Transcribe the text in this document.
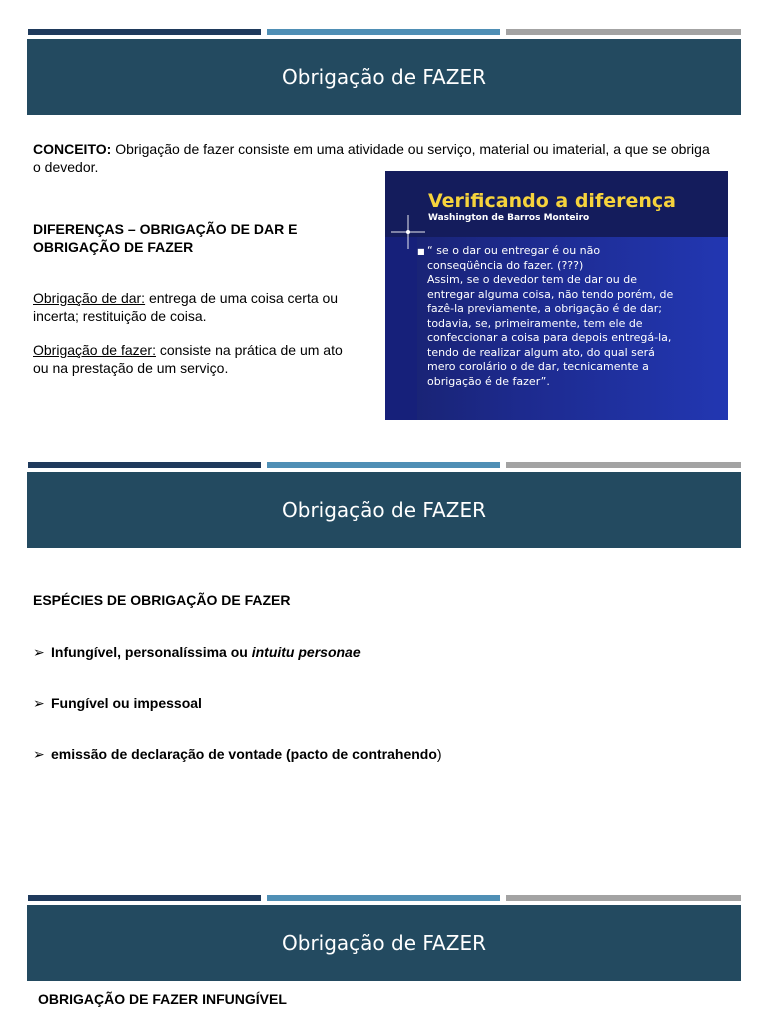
Obrigação de FAZER
CONCEITO: Obrigação de fazer consiste em uma atividade ou serviço, material ou imaterial, a que se obriga
o devedor.
DIFERENÇAS – OBRIGAÇÃO DE DAR E
OBRIGAÇÃO DE FAZER
Obrigação de dar: entrega de uma coisa certa ou
incerta; restituição de coisa.
Obrigação de fazer: consiste na prática de um ato
ou na prestação de um serviço.
Verificando a diferença
Washington de Barros Monteiro
■ “ se o dar ou entregar é ou não
conseqüência do fazer. (???)
Assim, se o devedor tem de dar ou de
entregar alguma coisa, não tendo porém, de
fazê-la previamente, a obrigação é de dar;
todavia, se, primeiramente, tem ele de
confeccionar a coisa para depois entregá-la,
tendo de realizar algum ato, do qual será
mero corolário o de dar, tecnicamente a
obrigação é de fazer”.
Obrigação de FAZER
ESPÉCIES DE OBRIGAÇÃO DE FAZER
➢ Infungível, personalíssima ou intuitu personae
➢ Fungível ou impessoal
➢ emissão de declaração de vontade (pacto de contrahendo)
Obrigação de FAZER
OBRIGAÇÃO DE FAZER INFUNGÍVEL
